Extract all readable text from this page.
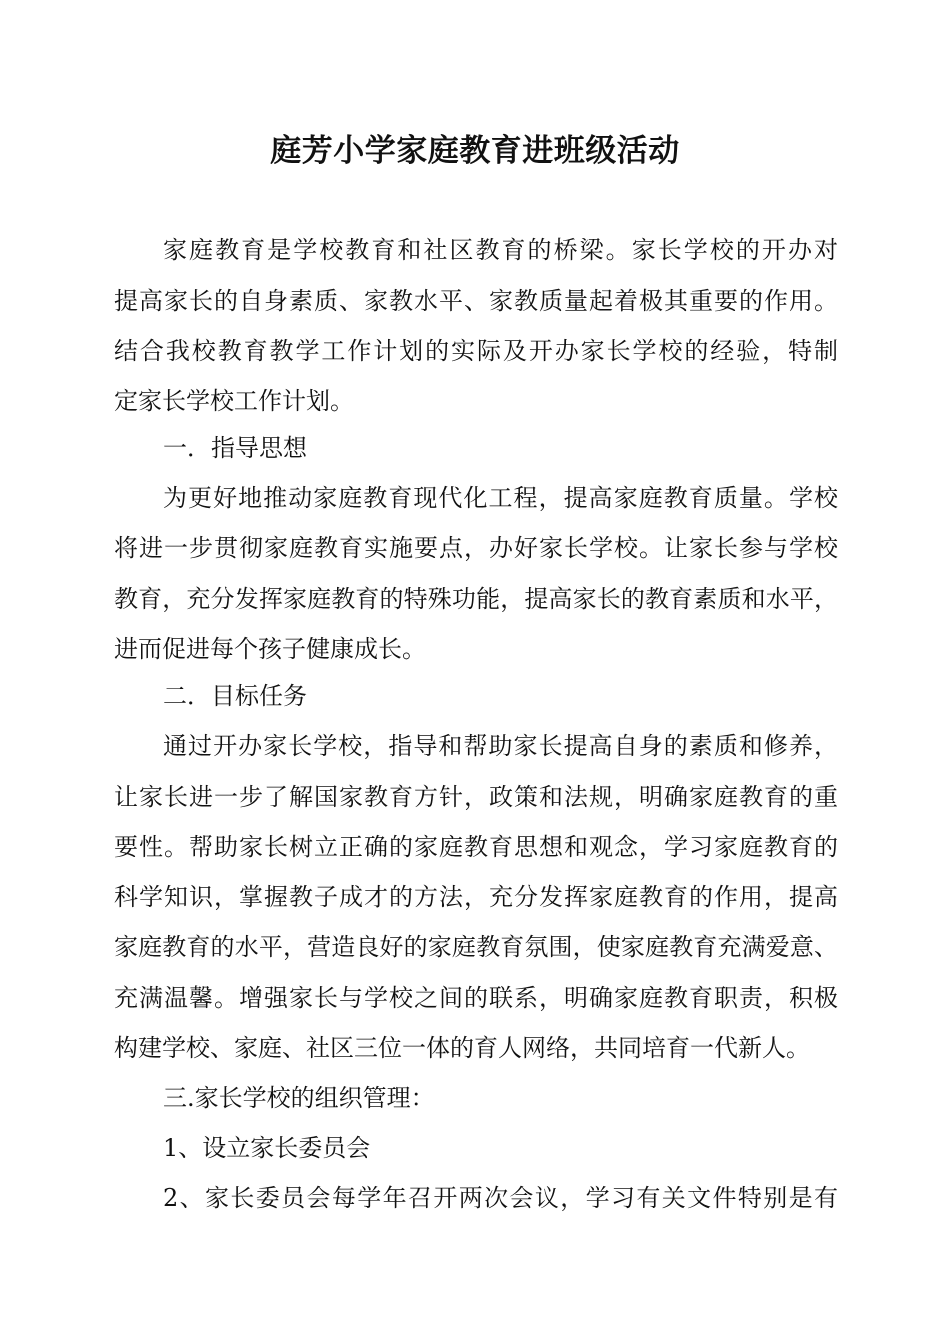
庭芳小学家庭教育进班级活动
家庭教育是学校教育和社区教育的桥梁。家长学校的开办对
提高家长的自身素质、家教水平、家教质量起着极其重要的作用。
结合我校教育教学工作计划的实际及开办家长学校的经验，特制
定家长学校工作计划。
一．指导思想
为更好地推动家庭教育现代化工程，提高家庭教育质量。学校
将进一步贯彻家庭教育实施要点，办好家长学校。让家长参与学校
教育，充分发挥家庭教育的特殊功能，提高家长的教育素质和水平，
进而促进每个孩子健康成长。
二．目标任务
通过开办家长学校，指导和帮助家长提高自身的素质和修养，
让家长进一步了解国家教育方针，政策和法规，明确家庭教育的重
要性。帮助家长树立正确的家庭教育思想和观念，学习家庭教育的
科学知识，掌握教子成才的方法，充分发挥家庭教育的作用，提高
家庭教育的水平，营造良好的家庭教育氛围，使家庭教育充满爱意、
充满温馨。增强家长与学校之间的联系，明确家庭教育职责，积极
构建学校、家庭、社区三位一体的育人网络，共同培育一代新人。
三.家长学校的组织管理：
1、设立家长委员会
2、家长委员会每学年召开两次会议，学习有关文件特别是有
